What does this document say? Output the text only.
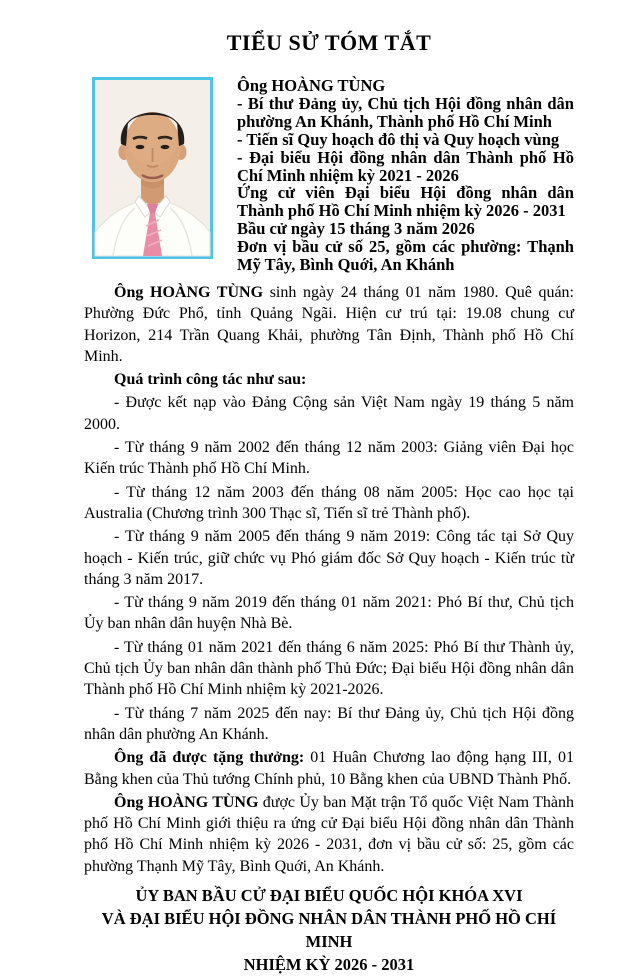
TIỂU SỬ TÓM TẮT

Ông HOÀNG TÙNG

- Bí thư Đảng ủy, Chủ tịch Hội đồng nhân dân phường An Khánh, Thành phố Hồ Chí Minh

- Tiến sĩ Quy hoạch đô thị và Quy hoạch vùng

- Đại biểu Hội đồng nhân dân Thành phố Hồ Chí Minh nhiệm kỳ 2021 - 2026

Ứng cử viên Đại biểu Hội đồng nhân dân Thành phố Hồ Chí Minh nhiệm kỳ 2026 - 2031

Bầu cử ngày 15 tháng 3 năm 2026

Đơn vị bầu cử số 25, gồm các phường: Thạnh Mỹ Tây, Bình Quới, An Khánh

Ông HOÀNG TÙNG sinh ngày 24 tháng 01 năm 1980. Quê quán: Phường Đức Phổ, tỉnh Quảng Ngãi. Hiện cư trú tại: 19.08 chung cư Horizon, 214 Trần Quang Khải, phường Tân Định, Thành phố Hồ Chí Minh.

Quá trình công tác như sau:

- Được kết nạp vào Đảng Cộng sản Việt Nam ngày 19 tháng 5 năm 2000.

- Từ tháng 9 năm 2002 đến tháng 12 năm 2003: Giảng viên Đại học Kiến trúc Thành phố Hồ Chí Minh.

- Từ tháng 12 năm 2003 đến tháng 08 năm 2005: Học cao học tại Australia (Chương trình 300 Thạc sĩ, Tiến sĩ trẻ Thành phố).

- Từ tháng 9 năm 2005 đến tháng 9 năm 2019: Công tác tại Sở Quy hoạch - Kiến trúc, giữ chức vụ Phó giám đốc Sở Quy hoạch - Kiến trúc từ tháng 3 năm 2017.

- Từ tháng 9 năm 2019 đến tháng 01 năm 2021: Phó Bí thư, Chủ tịch Ủy ban nhân dân huyện Nhà Bè.

- Từ tháng 01 năm 2021 đến tháng 6 năm 2025: Phó Bí thư Thành ủy, Chủ tịch Ủy ban nhân dân thành phố Thủ Đức; Đại biểu Hội đồng nhân dân Thành phố Hồ Chí Minh nhiệm kỳ 2021-2026.

- Từ tháng 7 năm 2025 đến nay: Bí thư Đảng ủy, Chủ tịch Hội đồng nhân dân phường An Khánh.

Ông đã được tặng thưởng: 01 Huân Chương lao động hạng III, 01 Bằng khen của Thủ tướng Chính phủ, 10 Bằng khen của UBND Thành Phố.

Ông HOÀNG TÙNG được Ủy ban Mặt trận Tổ quốc Việt Nam Thành phố Hồ Chí Minh giới thiệu ra ứng cử Đại biểu Hội đồng nhân dân Thành phố Hồ Chí Minh nhiệm kỳ 2026 - 2031, đơn vị bầu cử số: 25, gồm các phường Thạnh Mỹ Tây, Bình Quới, An Khánh.

ỦY BAN BẦU CỬ ĐẠI BIỂU QUỐC HỘI KHÓA XVI

VÀ ĐẠI BIỂU HỘI ĐỒNG NHÂN DÂN THÀNH PHỐ HỒ CHÍ MINH

NHIỆM KỲ 2026 - 2031
